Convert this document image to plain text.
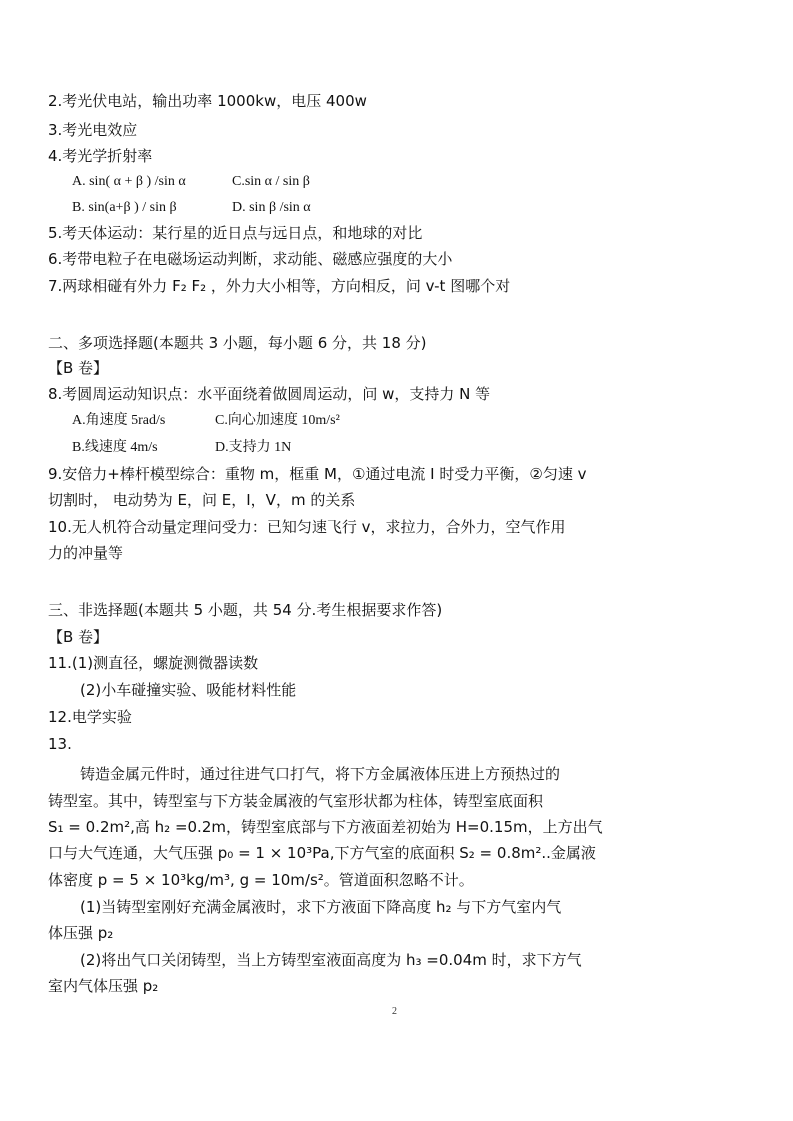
2.考光伏电站，输出功率 1000kw，电压 400w
3.考光电效应
4.考光学折射率
A. sin( α + β ) /sin α	C.sin α / sin β
B. sin(a+β ) / sin β	D. sin β /sin α
5.考天体运动：某行星的近日点与远日点，和地球的对比
6.考带电粒子在电磁场运动判断，求动能、磁感应强度的大小
7.两球相碰有外力 F₂ F₂ ，外力大小相等，方向相反，问 v-t 图哪个对
二、多项选择题(本题共 3 小题，每小题 6 分，共 18 分)
【B 卷】
8.考圆周运动知识点：水平面绕着做圆周运动，问 w，支持力 N 等
A.角速度 5rad/s	C.向心加速度 10m/s²
B.线速度 4m/s	D.支持力 1N
9.安倍力+棒杆模型综合：重物 m，框重 M，①通过电流 I 时受力平衡，②匀速 v
切割时， 电动势为 E，问 E，I，V，m 的关系
10.无人机符合动量定理问受力：已知匀速飞行 v，求拉力，合外力，空气作用
力的冲量等
三、非选择题(本题共 5 小题，共 54 分.考生根据要求作答)
【B 卷】
11.(1)测直径，螺旋测微器读数
(2)小车碰撞实验、吸能材料性能
12.电学实验
13.
铸造金属元件时，通过往进气口打气，将下方金属液体压进上方预热过的
铸型室。其中，铸型室与下方装金属液的气室形状都为柱体，铸型室底面积
S₁ = 0.2m²,高 h₂ =0.2m，铸型室底部与下方液面差初始为 H=0.15m，上方出气
口与大气连通，大气压强 p₀ = 1 × 10³Pa,下方气室的底面积 S₂ = 0.8m²..金属液
体密度 p = 5 × 10³kg/m³, g = 10m/s²。管道面积忽略不计。
(1)当铸型室刚好充满金属液时，求下方液面下降高度 h₂ 与下方气室内气
体压强 p₂
(2)将出气口关闭铸型，当上方铸型室液面高度为 h₃ =0.04m 时，求下方气
室内气体压强 p₂
2
